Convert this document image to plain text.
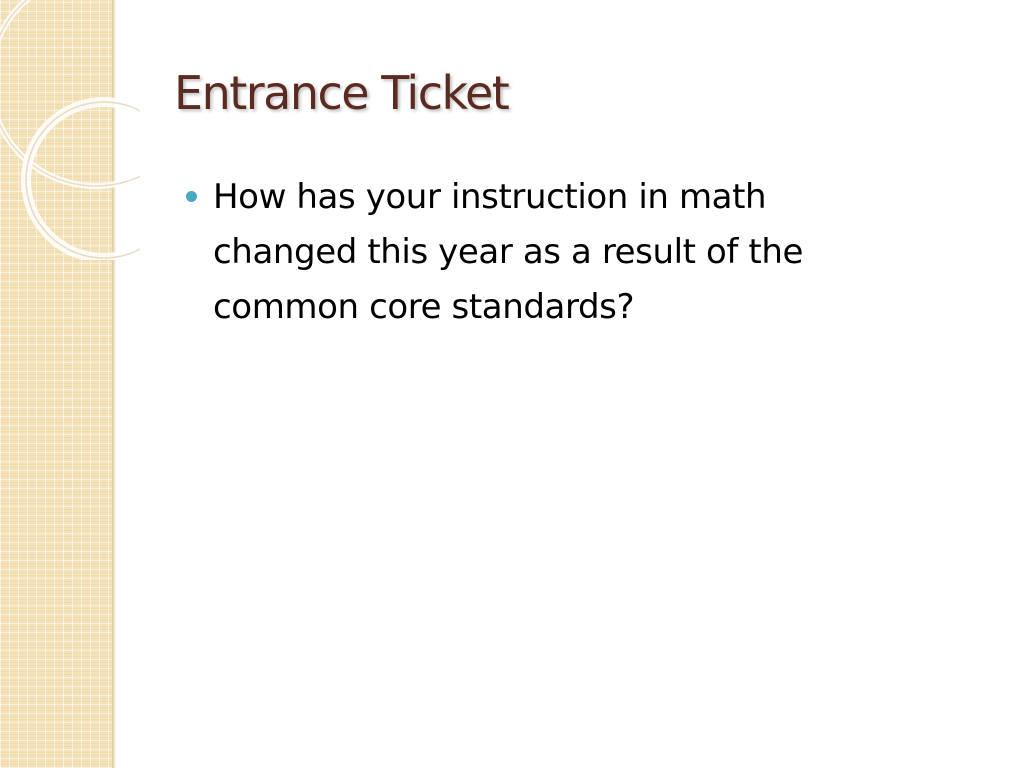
Entrance Ticket
How has your instruction in math changed this year as a result of the common core standards?
